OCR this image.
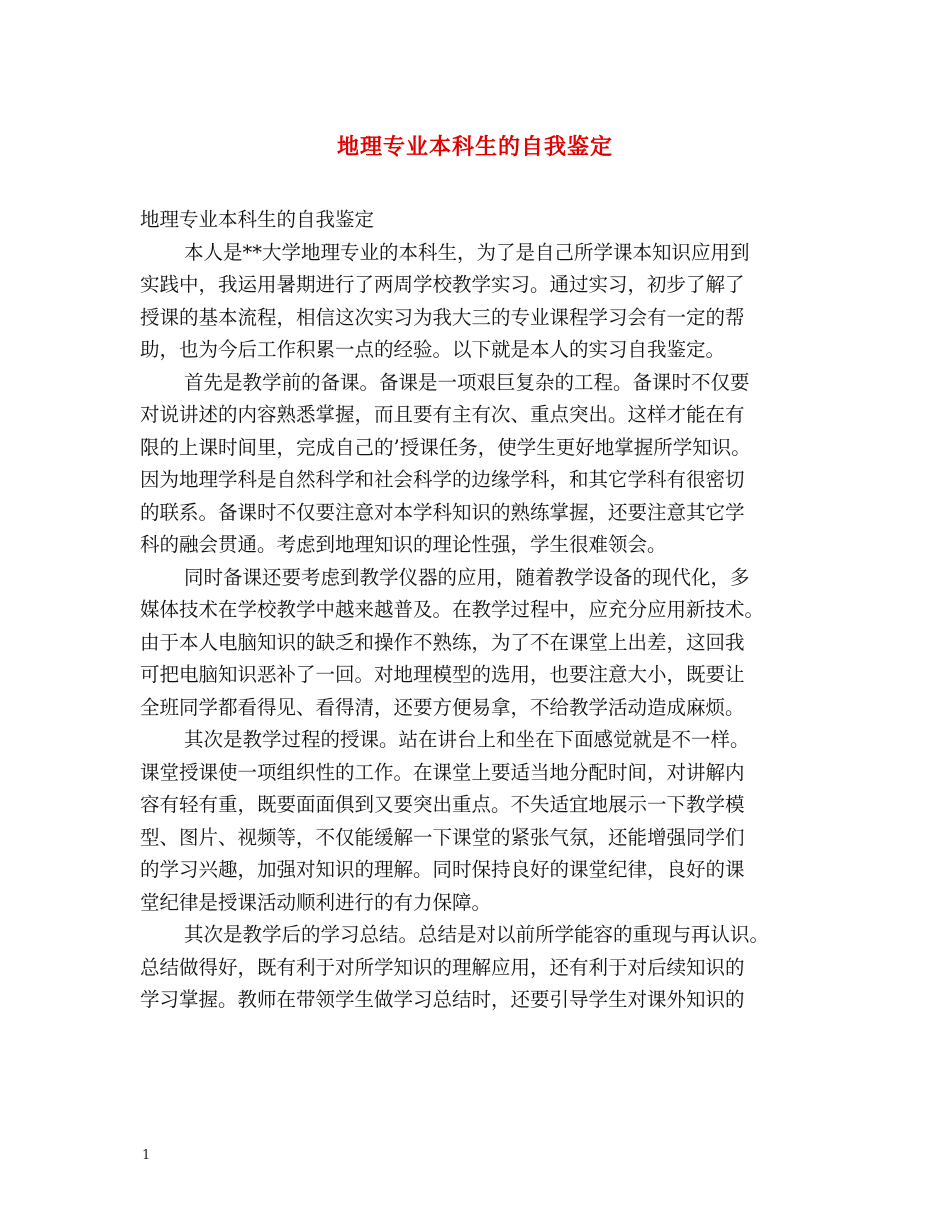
地理专业本科生的自我鉴定
地理专业本科生的自我鉴定
本人是**大学地理专业的本科生，为了是自己所学课本知识应用到
实践中，我运用暑期进行了两周学校教学实习。通过实习，初步了解了
授课的基本流程，相信这次实习为我大三的专业课程学习会有一定的帮
助，也为今后工作积累一点的经验。以下就是本人的实习自我鉴定。
首先是教学前的备课。备课是一项艰巨复杂的工程。备课时不仅要
对说讲述的内容熟悉掌握，而且要有主有次、重点突出。这样才能在有
限的上课时间里，完成自己的’授课任务，使学生更好地掌握所学知识。
因为地理学科是自然科学和社会科学的边缘学科，和其它学科有很密切
的联系。备课时不仅要注意对本学科知识的熟练掌握，还要注意其它学
科的融会贯通。考虑到地理知识的理论性强，学生很难领会。
同时备课还要考虑到教学仪器的应用，随着教学设备的现代化，多
媒体技术在学校教学中越来越普及。在教学过程中，应充分应用新技术。
由于本人电脑知识的缺乏和操作不熟练，为了不在课堂上出差，这回我
可把电脑知识恶补了一回。对地理模型的选用，也要注意大小，既要让
全班同学都看得见、看得清，还要方便易拿，不给教学活动造成麻烦。
其次是教学过程的授课。站在讲台上和坐在下面感觉就是不一样。
课堂授课使一项组织性的工作。在课堂上要适当地分配时间，对讲解内
容有轻有重，既要面面俱到又要突出重点。不失适宜地展示一下教学模
型、图片、视频等，不仅能缓解一下课堂的紧张气氛，还能增强同学们
的学习兴趣，加强对知识的理解。同时保持良好的课堂纪律，良好的课
堂纪律是授课活动顺利进行的有力保障。
其次是教学后的学习总结。总结是对以前所学能容的重现与再认识。
总结做得好，既有利于对所学知识的理解应用，还有利于对后续知识的
学习掌握。教师在带领学生做学习总结时，还要引导学生对课外知识的
1
